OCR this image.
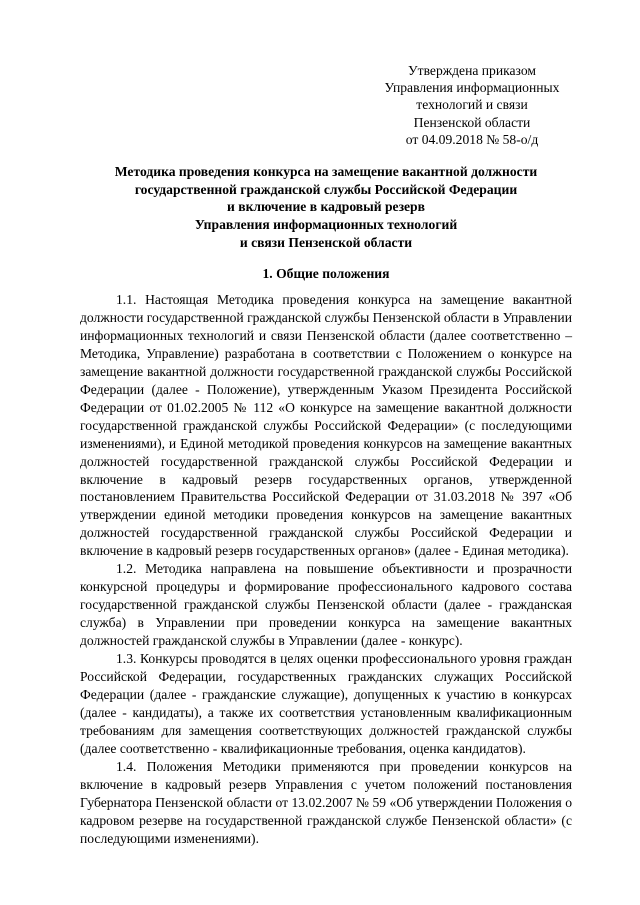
Утверждена приказом
Управления информационных
технологий и связи
Пензенской области
от 04.09.2018 № 58-о/д
Методика проведения конкурса на замещение вакантной должности
государственной гражданской службы Российской Федерации
и включение в кадровый резерв
Управления информационных технологий
и связи Пензенской области
1. Общие положения

1.1. Настоящая Методика проведения конкурса на замещение вакантной должности государственной гражданской службы Пензенской области в Управлении информационных технологий и связи Пензенской области (далее соответственно – Методика, Управление) разработана в соответствии с Положением о конкурсе на замещение вакантной должности государственной гражданской службы Российской Федерации (далее - Положение), утвержденным Указом Президента Российской Федерации от 01.02.2005 № 112 «О конкурсе на замещение вакантной должности государственной гражданской службы Российской Федерации» (с последующими изменениями), и Единой методикой проведения конкурсов на замещение вакантных должностей государственной гражданской службы Российской Федерации и включение в кадровый резерв государственных органов, утвержденной постановлением Правительства Российской Федерации от 31.03.2018 № 397 «Об утверждении единой методики проведения конкурсов на замещение вакантных должностей государственной гражданской службы Российской Федерации и включение в кадровый резерв государственных органов» (далее - Единая методика).

1.2. Методика направлена на повышение объективности и прозрачности конкурсной процедуры и формирование профессионального кадрового состава государственной гражданской службы Пензенской области (далее - гражданская служба) в Управлении при проведении конкурса на замещение вакантных должностей гражданской службы в Управлении (далее - конкурс).

1.3. Конкурсы проводятся в целях оценки профессионального уровня граждан Российской Федерации, государственных гражданских служащих Российской Федерации (далее - гражданские служащие), допущенных к участию в конкурсах (далее - кандидаты), а также их соответствия установленным квалификационным требованиям для замещения соответствующих должностей гражданской службы (далее соответственно - квалификационные требования, оценка кандидатов).

1.4. Положения Методики применяются при проведении конкурсов на включение в кадровый резерв Управления с учетом положений постановления Губернатора Пензенской области от 13.02.2007 № 59 «Об утверждении Положения о кадровом резерве на государственной гражданской службе Пензенской области» (с последующими изменениями).
